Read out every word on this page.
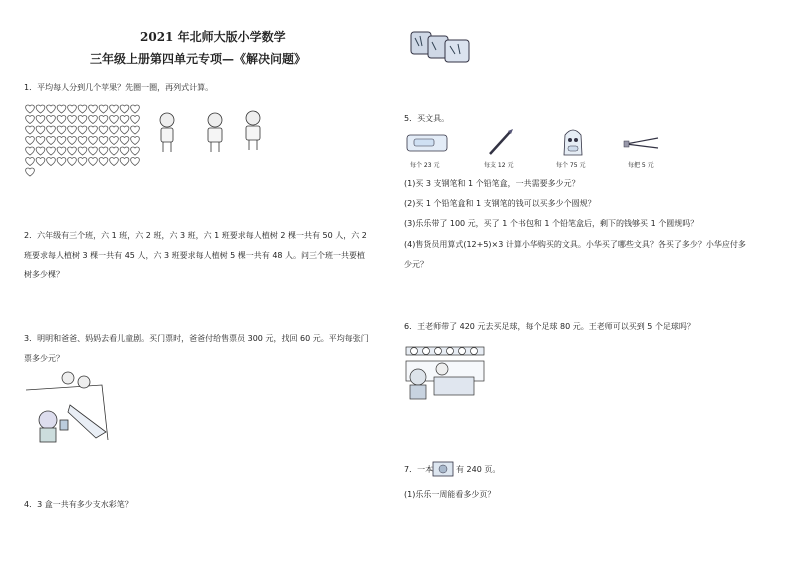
2021 年北师大版小学数学
三年级上册第四单元专项—《解决问题》
1．平均每人分到几个苹果？先圈一圈，再列式计算。
2．六年级有三个班，六 1 班，六 2 班，六 3 班，六 1 班要求每人植树 2 棵一共有 50 人，六 2
班要求每人植树 3 棵一共有 45 人，六 3 班要求每人植树 5 棵一共有 48 人。问三个班一共要植
树多少棵？
3．明明和爸爸、妈妈去看儿童剧。买门票时，爸爸付给售票员 300 元，找回 60 元。平均每张门
票多少元？
4．3 盒一共有多少支水彩笔？
5．买文具。
每个 23 元	每支 12 元	每个 75 元	每把 5 元
(1)买 3 支钢笔和 1 个铅笔盒，一共需要多少元？
(2)买 1 个铅笔盒和 1 支钢笔的钱可以买多少个圆规？
(3)乐乐带了 100 元，买了 1 个书包和 1 个铅笔盒后，剩下的钱够买 1 个圆规吗？
(4)售货员用算式(12+5)×3 计算小华购买的文具。小华买了哪些文具？各买了多少？小华应付多
少元？
6．王老师带了 420 元去买足球，每个足球 80 元。王老师可以买到 5 个足球吗？
7．一本	有 240 页。
(1)乐乐一周能看多少页？
